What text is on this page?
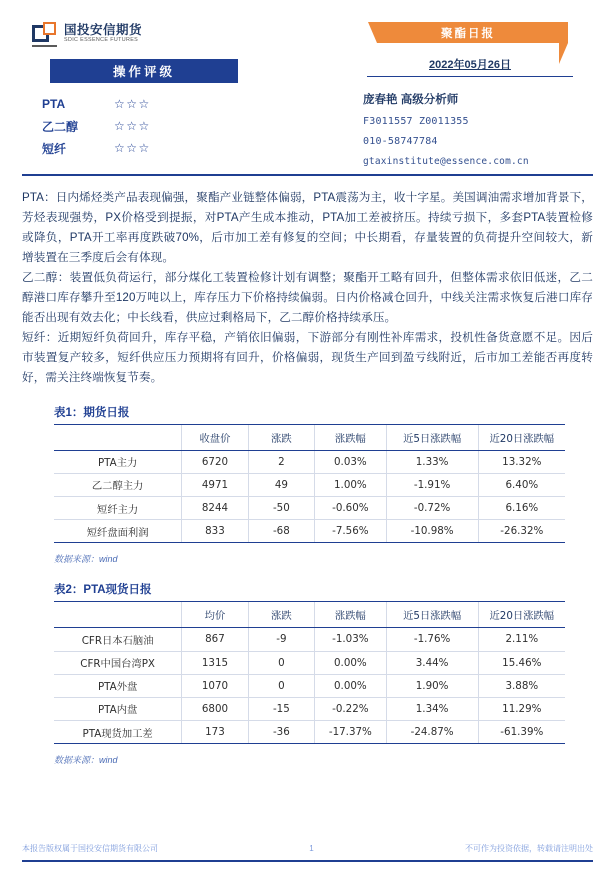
国投安信期货
SDIC ESSENCE FUTURES
操作评级
PTA	☆☆☆
乙二醇	☆☆☆
短纤	☆☆☆
聚酯日报
2022年05月26日
庞春艳 高级分析师
F3011557 Z0011355
010-58747784
gtaxinstitute@essence.com.cn

PTA：日内烯烃类产品表现偏强，聚酯产业链整体偏弱，PTA震荡为主，收十字星。美国调油需求增加背景下，芳烃表现强势，PX价格受到提振，对PTA产生成本推动，PTA加工差被挤压。持续亏损下，多套PTA装置检修或降负，PTA开工率再度跌破70%，后市加工差有修复的空间；中长期看，存量装置的负荷提升空间较大，新增装置在三季度后会有体现。

乙二醇：装置低负荷运行，部分煤化工装置检修计划有调整；聚酯开工略有回升，但整体需求依旧低迷，乙二醇港口库存攀升至120万吨以上，库存压力下价格持续偏弱。日内价格减仓回升，中线关注需求恢复后港口库存能否出现有效去化；中长线看，供应过剩格局下，乙二醇价格持续承压。

短纤：近期短纤负荷回升，库存平稳，产销依旧偏弱，下游部分有刚性补库需求，投机性备货意愿不足。因后市装置复产较多，短纤供应压力预期将有回升，价格偏弱，现货生产回到盈亏线附近，后市加工差能否再度转好，需关注终端恢复节奏。

表1：期货日报
	收盘价	涨跌	涨跌幅	近5日涨跌幅	近20日涨跌幅
PTA主力	6720	2	0.03%	1.33%	13.32%
乙二醇主力	4971	49	1.00%	-1.91%	6.40%
短纤主力	8244	-50	-0.60%	-0.72%	6.16%
短纤盘面利润	833	-68	-7.56%	-10.98%	-26.32%
数据来源：wind
表2：PTA现货日报
	均价	涨跌	涨跌幅	近5日涨跌幅	近20日涨跌幅
CFR日本石脑油	867	-9	-1.03%	-1.76%	2.11%
CFR中国台湾PX	1315	0	0.00%	3.44%	15.46%
PTA外盘	1070	0	0.00%	1.90%	3.88%
PTA内盘	6800	-15	-0.22%	1.34%	11.29%
PTA现货加工差	173	-36	-17.37%	-24.87%	-61.39%
数据来源：wind
本报告版权属于国投安信期货有限公司	1	不可作为投资依据，转载请注明出处
